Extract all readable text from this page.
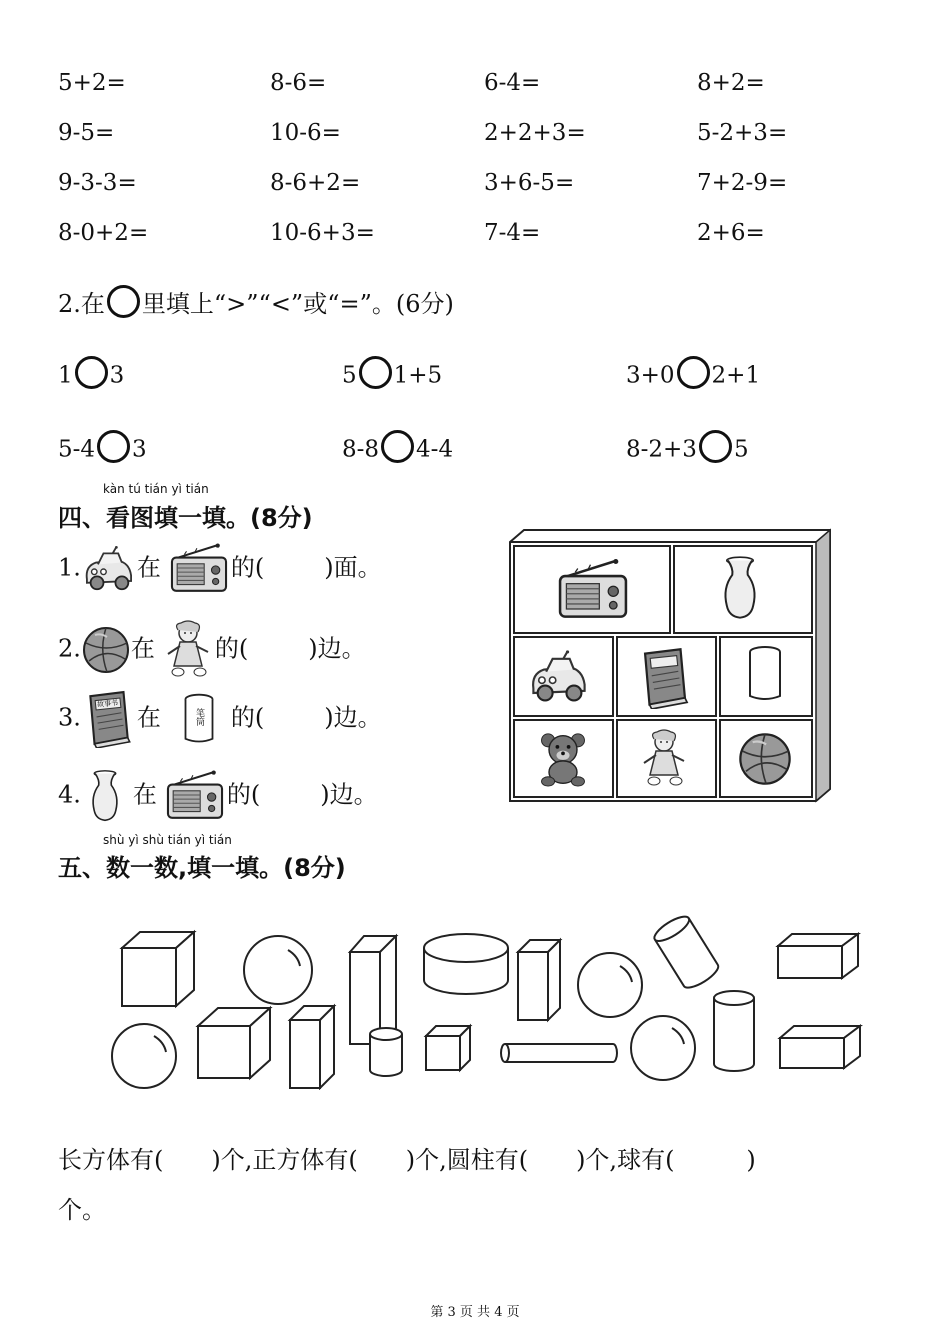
5+2=	8-6=	6-4=	8+2=
9-5=	10-6=	2+2+3=	5-2+3=
9-3-3=	8-6+2=	3+6-5=	7+2-9=
8-0+2=	10-6+3=	7-4=	2+6=
2.在 里填上“>”“<”或“=”。(6分)
1 3	5 1+5	3+0 2+1
5-4 3	8-8 4-4	8-2+3 5
kàn tú tián yì tián
四、看图填一填。(8分)
1. 在	的(	)面。
2. 在	的(	)边。
3. 故事书 在	笔筒 的(	)边。
4. 在	的(	)边。
shù yì shù tián yì tián
五、数一数,填一填。(8分)
长方体有(　　)个,正方体有(　　)个,圆柱有(　　)个,球有(　　　)
个。
第 3 页 共 4 页
